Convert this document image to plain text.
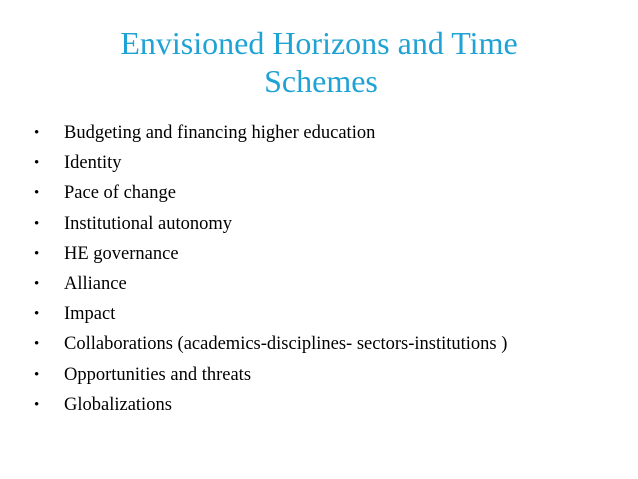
Envisioned Horizons and Time
Schemes
•	Budgeting and financing higher education
•	Identity
•	Pace of change
•	Institutional autonomy
•	HE governance
•	Alliance
•	Impact
•	Collaborations (academics-disciplines- sectors-institutions )
•	Opportunities and threats
•	Globalizations
